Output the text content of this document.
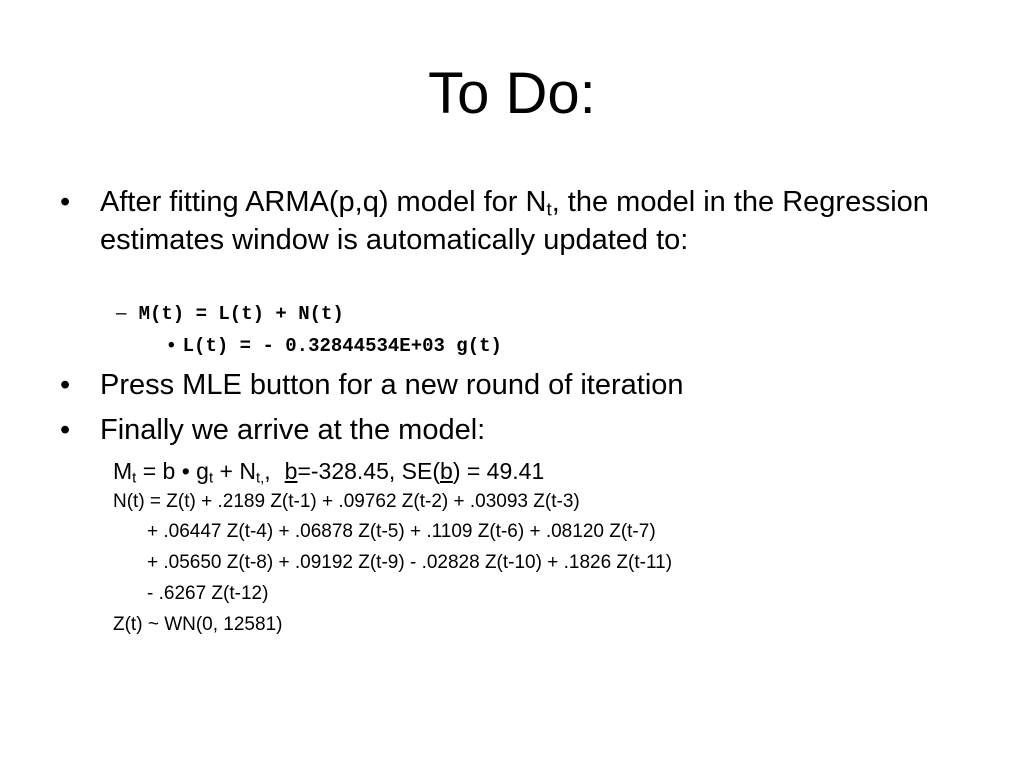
To Do:
•	After fitting ARMA(p,q) model for $N_t$, the model in the Regression estimates window is automatically updated to:
– M(t) = L(t) + N(t)
• L(t) = - 0.32844534E+03 g(t)
•	Press MLE button for a new round of iteration
•	Finally we arrive at the model:
$M_t = b$ • $g_t + N_{t,}$, b=-328.45, SE(b) = 49.41
N(t) = Z(t) + .2189 Z(t-1) + .09762 Z(t-2) + .03093 Z(t-3)
+ .06447 Z(t-4) + .06878 Z(t-5) + .1109 Z(t-6) + .08120 Z(t-7)
+ .05650 Z(t-8) + .09192 Z(t-9) - .02828 Z(t-10) + .1826 Z(t-11)
- .6267 Z(t-12)
Z(t) ~ WN(0, 12581)
